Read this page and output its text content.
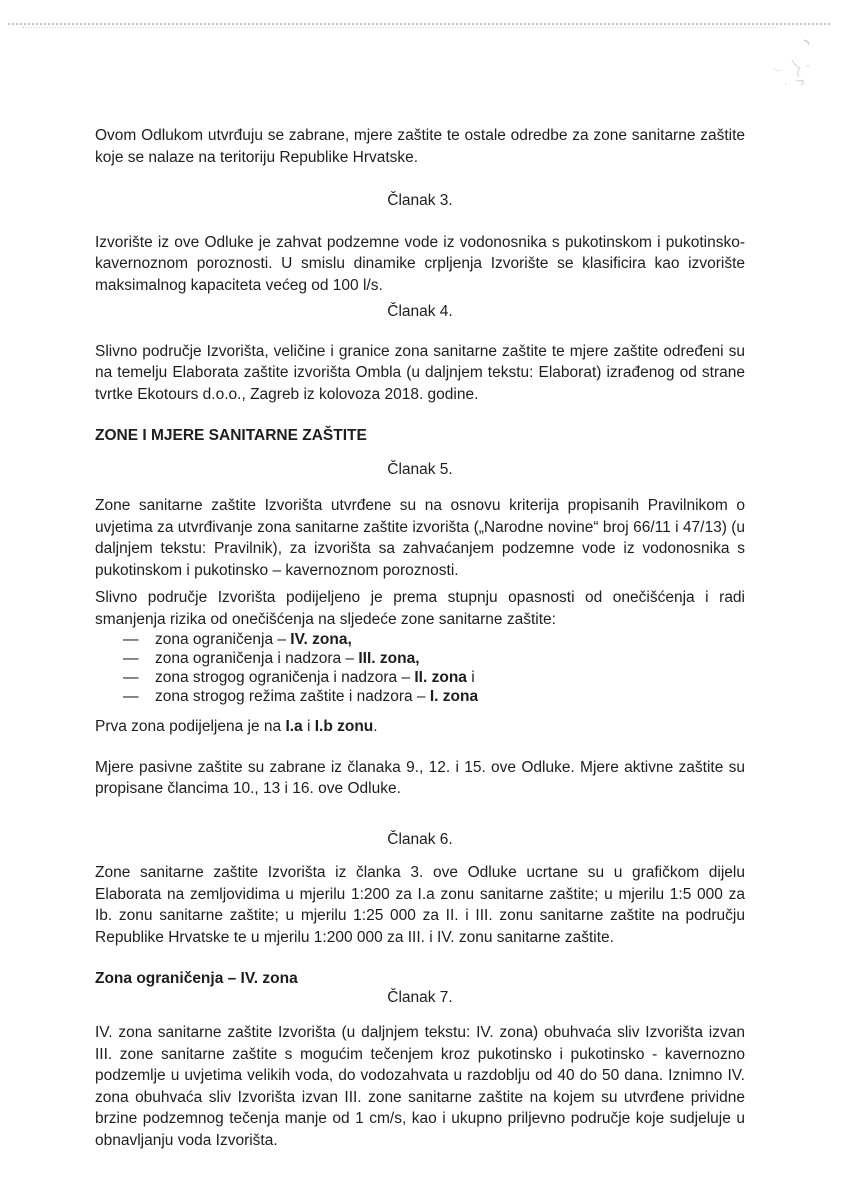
Ovom Odlukom utvrđuju se zabrane, mjere zaštite te ostale odredbe za zone sanitarne zaštite koje se nalaze na teritoriju Republike Hrvatske.

Članak 3.

Izvorište iz ove Odluke je zahvat podzemne vode iz vodonosnika s pukotinskom i pukotinsko-kavernoznom poroznosti. U smislu dinamike crpljenja Izvorište se klasificira kao izvorište maksimalnog kapaciteta većeg od 100 l/s.

Članak 4.

Slivno područje Izvorišta, veličine i granice zona sanitarne zaštite te mjere zaštite određeni su na temelju Elaborata zaštite izvorišta Ombla (u daljnjem tekstu: Elaborat) izrađenog od strane tvrtke Ekotours d.o.o., Zagreb iz kolovoza 2018. godine.

ZONE I MJERE SANITARNE ZAŠTITE

Članak 5.

Zone sanitarne zaštite Izvorišta utvrđene su na osnovu kriterija propisanih Pravilnikom o uvjetima za utvrđivanje zona sanitarne zaštite izvorišta („Narodne novine“ broj 66/11 i 47/13) (u daljnjem tekstu: Pravilnik), za izvorišta sa zahvaćanjem podzemne vode iz vodonosnika s pukotinskom i pukotinsko – kavernoznom poroznosti.

Slivno područje Izvorišta podijeljeno je prema stupnju opasnosti od onečišćenja i radi smanjenja rizika od onečišćenja na sljedeće zone sanitarne zaštite:

— zona ograničenja – IV. zona,
— zona ograničenja i nadzora – III. zona,
— zona strogog ograničenja i nadzora – II. zona i
— zona strogog režima zaštite i nadzora – I. zona

Prva zona podijeljena je na I.a i I.b zonu.

Mjere pasivne zaštite su zabrane iz članaka 9., 12. i 15. ove Odluke. Mjere aktivne zaštite su propisane člancima 10., 13 i 16. ove Odluke.

Članak 6.

Zone sanitarne zaštite Izvorišta iz članka 3. ove Odluke ucrtane su u grafičkom dijelu Elaborata na zemljovidima u mjerilu 1:200 za I.a zonu sanitarne zaštite; u mjerilu 1:5 000 za Ib. zonu sanitarne zaštite; u mjerilu 1:25 000 za II. i III. zonu sanitarne zaštite na području Republike Hrvatske te u mjerilu 1:200 000 za III. i IV. zonu sanitarne zaštite.

Zona ograničenja – IV. zona

Članak 7.

IV. zona sanitarne zaštite Izvorišta (u daljnjem tekstu: IV. zona) obuhvaća sliv Izvorišta izvan III. zone sanitarne zaštite s mogućim tečenjem kroz pukotinsko i pukotinsko - kavernozno podzemlje u uvjetima velikih voda, do vodozahvata u razdoblju od 40 do 50 dana. Iznimno IV. zona obuhvaća sliv Izvorišta izvan III. zone sanitarne zaštite na kojem su utvrđene prividne brzine podzemnog tečenja manje od 1 cm/s, kao i ukupno priljevno područje koje sudjeluje u obnavljanju voda Izvorišta.
